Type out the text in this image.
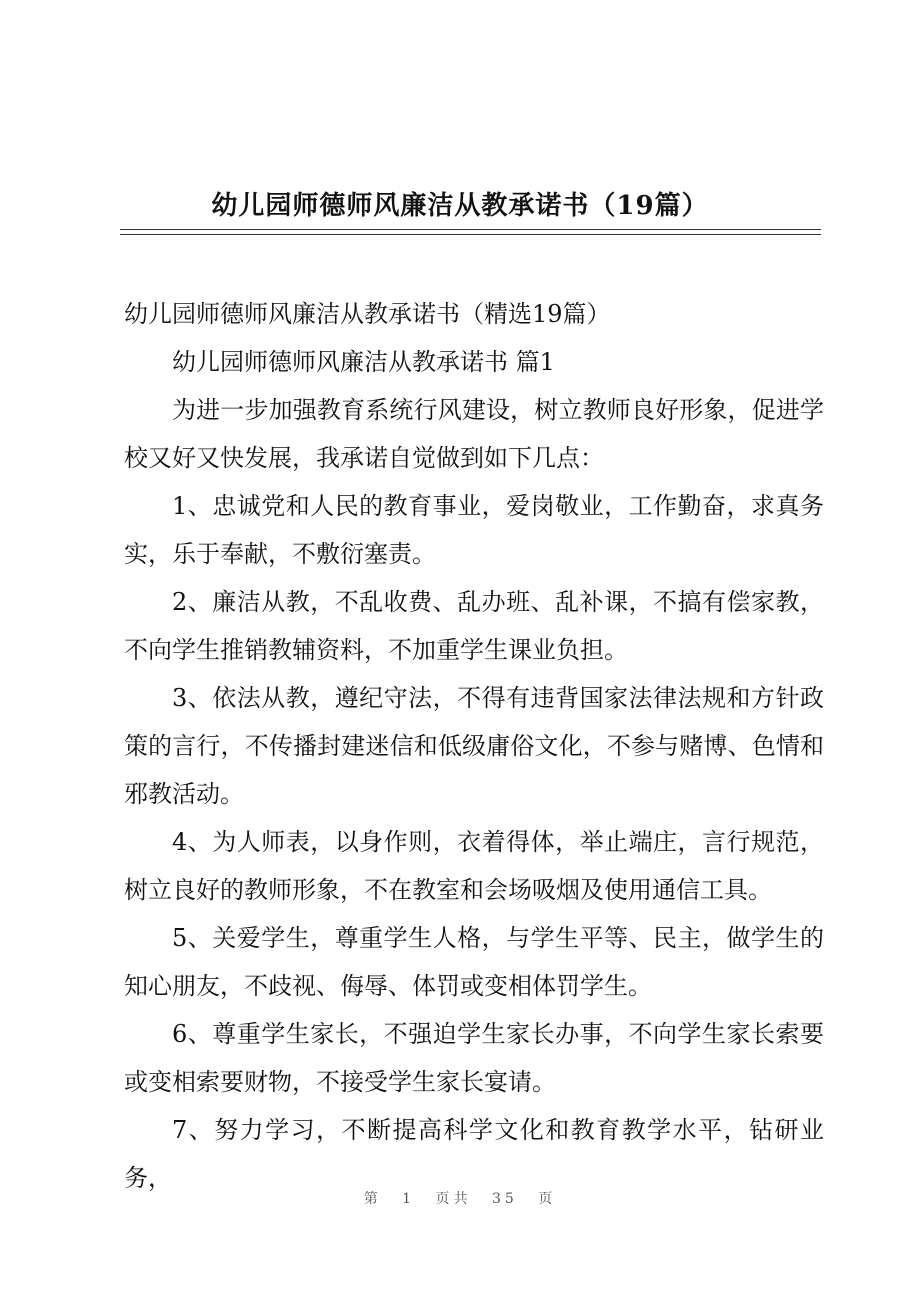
幼儿园师德师风廉洁从教承诺书（19篇）

幼儿园师德师风廉洁从教承诺书（精选19篇）

幼儿园师德师风廉洁从教承诺书 篇1

为进一步加强教育系统行风建设，树立教师良好形象，促进学校又好又快发展，我承诺自觉做到如下几点：

1、忠诚党和人民的教育事业，爱岗敬业，工作勤奋，求真务实，乐于奉献，不敷衍塞责。

2、廉洁从教，不乱收费、乱办班、乱补课，不搞有偿家教，不向学生推销教辅资料，不加重学生课业负担。

3、依法从教，遵纪守法，不得有违背国家法律法规和方针政策的言行，不传播封建迷信和低级庸俗文化，不参与赌博、色情和邪教活动。

4、为人师表，以身作则，衣着得体，举止端庄，言行规范，树立良好的教师形象，不在教室和会场吸烟及使用通信工具。

5、关爱学生，尊重学生人格，与学生平等、民主，做学生的知心朋友，不歧视、侮辱、体罚或变相体罚学生。

6、尊重学生家长，不强迫学生家长办事，不向学生家长索要或变相索要财物，不接受学生家长宴请。

7、努力学习，不断提高科学文化和教育教学水平，钻研业务，

第 1 页共 35 页
